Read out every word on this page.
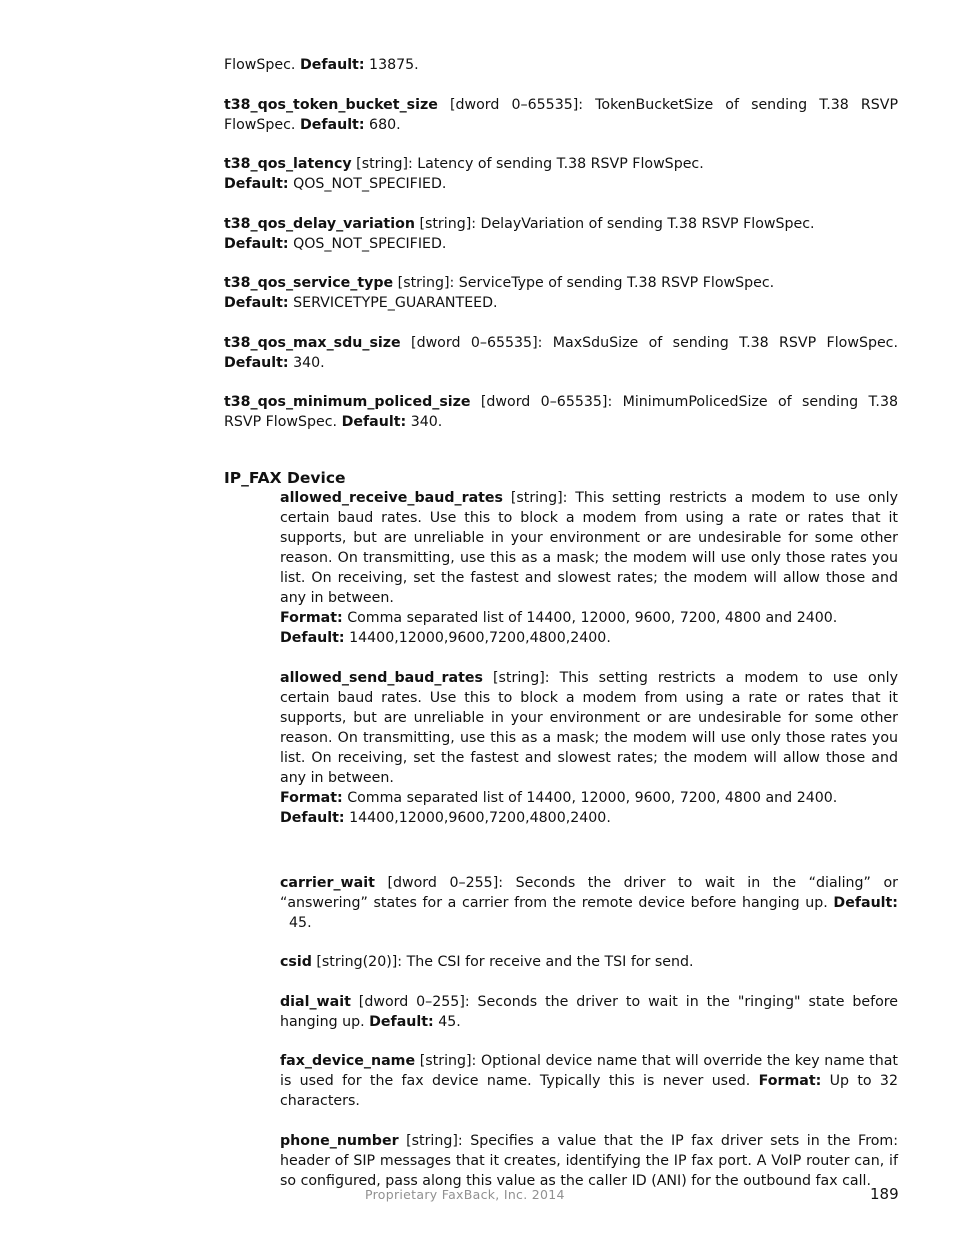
FlowSpec. Default: 13875.

t38_qos_token_bucket_size [dword 0–65535]: TokenBucketSize of sending T.38 RSVP FlowSpec. Default: 680.

t38_qos_latency [string]: Latency of sending T.38 RSVP FlowSpec.
Default: QOS_NOT_SPECIFIED.

t38_qos_delay_variation [string]: DelayVariation of sending T.38 RSVP FlowSpec.
Default: QOS_NOT_SPECIFIED.

t38_qos_service_type [string]: ServiceType of sending T.38 RSVP FlowSpec.
Default: SERVICETYPE_GUARANTEED.

t38_qos_max_sdu_size [dword 0–65535]: MaxSduSize of sending T.38 RSVP FlowSpec. Default: 340.

t38_qos_minimum_policed_size [dword 0–65535]: MinimumPolicedSize of sending T.38 RSVP FlowSpec. Default: 340.

IP_FAX Device

allowed_receive_baud_rates [string]: This setting restricts a modem to use only certain baud rates. Use this to block a modem from using a rate or rates that it supports, but are unreliable in your environment or are undesirable for some other reason. On transmitting, use this as a mask; the modem will use only those rates you list. On receiving, set the fastest and slowest rates; the modem will allow those and any in between.
Format: Comma separated list of 14400, 12000, 9600, 7200, 4800 and 2400.
Default: 14400,12000,9600,7200,4800,2400.

allowed_send_baud_rates [string]: This setting restricts a modem to use only certain baud rates. Use this to block a modem from using a rate or rates that it supports, but are unreliable in your environment or are undesirable for some other reason. On transmitting, use this as a mask; the modem will use only those rates you list. On receiving, set the fastest and slowest rates; the modem will allow those and any in between.
Format: Comma separated list of 14400, 12000, 9600, 7200, 4800 and 2400.
Default: 14400,12000,9600,7200,4800,2400.

carrier_wait [dword 0–255]: Seconds the driver to wait in the “dialing” or “answering” states for a carrier from the remote device before hanging up. Default:  45.

csid [string(20)]: The CSI for receive and the TSI for send.

dial_wait [dword 0–255]: Seconds the driver to wait in the "ringing" state before hanging up. Default: 45.

fax_device_name [string]: Optional device name that will override the key name that is used for the fax device name. Typically this is never used. Format: Up to 32 characters.

phone_number [string]: Specifies a value that the IP fax driver sets in the From: header of SIP messages that it creates, identifying the IP fax port. A VoIP router can, if so configured, pass along this value as the caller ID (ANI) for the outbound fax call.

Proprietary FaxBack, Inc. 2014	189
